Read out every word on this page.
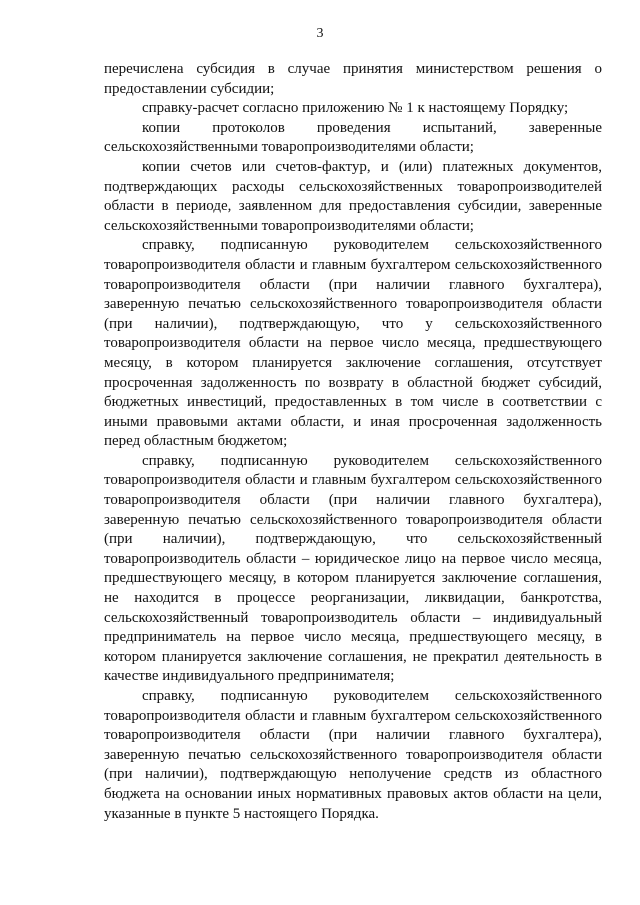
3

перечислена субсидия в случае принятия министерством решения о предоставлении субсидии;

справку-расчет согласно приложению № 1 к настоящему Порядку;

копии протоколов проведения испытаний, заверенные сельскохозяйственными товаропроизводителями области;

копии счетов или счетов-фактур, и (или) платежных документов, подтверждающих расходы сельскохозяйственных товаропроизводителей области в периоде, заявленном для предоставления субсидии, заверенные сельскохозяйственными товаропроизводителями области;

справку, подписанную руководителем сельскохозяйственного товаропроизводителя области и главным бухгалтером сельскохозяйственного товаропроизводителя области (при наличии главного бухгалтера), заверенную печатью сельскохозяйственного товаропроизводителя области (при наличии), подтверждающую, что у сельскохозяйственного товаропроизводителя области на первое число месяца, предшествующего месяцу, в котором планируется заключение соглашения, отсутствует просроченная задолженность по возврату в областной бюджет субсидий, бюджетных инвестиций, предоставленных в том числе в соответствии с иными правовыми актами области, и иная просроченная задолженность перед областным бюджетом;

справку, подписанную руководителем сельскохозяйственного товаропроизводителя области и главным бухгалтером сельскохозяйственного товаропроизводителя области (при наличии главного бухгалтера), заверенную печатью сельскохозяйственного товаропроизводителя области (при наличии), подтверждающую, что сельскохозяйственный товаропроизводитель области – юридическое лицо на первое число месяца, предшествующего месяцу, в котором планируется заключение соглашения, не находится в процессе реорганизации, ликвидации, банкротства, сельскохозяйственный товаропроизводитель области – индивидуальный предприниматель на первое число месяца, предшествующего месяцу, в котором планируется заключение соглашения, не прекратил деятельность в качестве индивидуального предпринимателя;

справку, подписанную руководителем сельскохозяйственного товаропроизводителя области и главным бухгалтером сельскохозяйственного товаропроизводителя области (при наличии главного бухгалтера), заверенную печатью сельскохозяйственного товаропроизводителя области (при наличии), подтверждающую неполучение средств из областного бюджета на основании иных нормативных правовых актов области на цели, указанные в пункте 5 настоящего Порядка.
